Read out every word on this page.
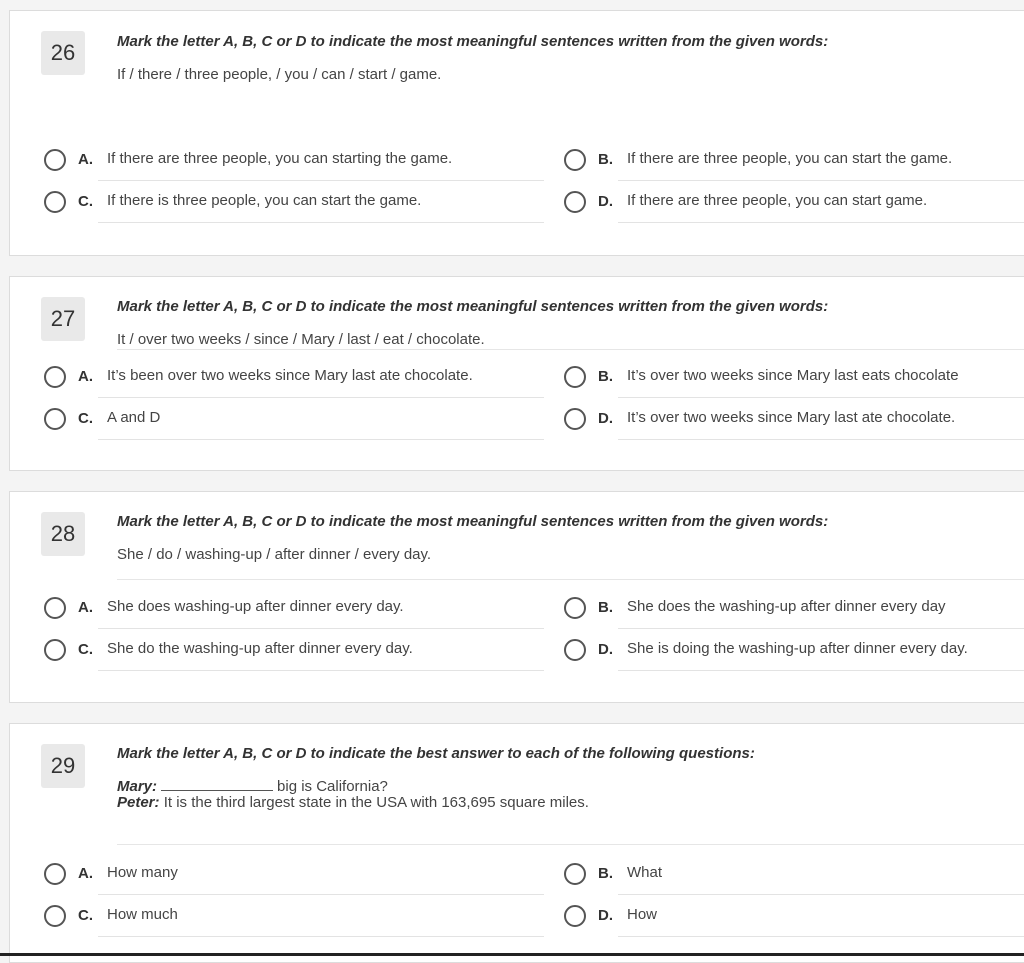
26	Mark the letter A, B, C or D to indicate the most meaningful sentences written from the given words:
If / there / three people, / you / can / start / game.
A. If there are three people, you can starting the game.	B. If there are three people, you can start the game.
C. If there is three people, you can start the game.	D. If there are three people, you can start game.
27	Mark the letter A, B, C or D to indicate the most meaningful sentences written from the given words:
It / over two weeks / since / Mary / last / eat / chocolate.
A. It’s been over two weeks since Mary last ate chocolate.	B. It’s over two weeks since Mary last eats chocolate
C. A and D	D. It’s over two weeks since Mary last ate chocolate.
28	Mark the letter A, B, C or D to indicate the most meaningful sentences written from the given words:
She / do / washing-up / after dinner / every day.
A. She does washing-up after dinner every day.	B. She does the washing-up after dinner every day
C. She do the washing-up after dinner every day.	D. She is doing the washing-up after dinner every day.
29	Mark the letter A, B, C or D to indicate the best answer to each of the following questions:
Mary:	big is California?
Peter: It is the third largest state in the USA with 163,695 square miles.
A. How many	B. What
C. How much	D. How
